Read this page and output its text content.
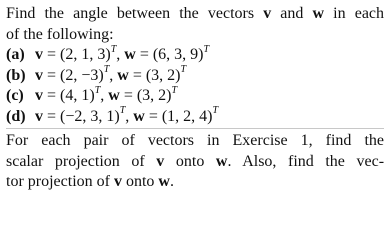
Find the angle between the vectors v and w in each
of the following:
(a) v = (2, 1, 3)$^T$, w = (6, 3, 9)$^T$
(b) v = (2, −3)$^T$, w = (3, 2)$^T$
(c) v = (4, 1)$^T$, w = (3, 2)$^T$
(d) v = (−2, 3, 1)$^T$, w = (1, 2, 4)$^T$
For each pair of vectors in Exercise 1, find the
scalar projection of v onto w. Also, find the vec-
tor projection of v onto w.
